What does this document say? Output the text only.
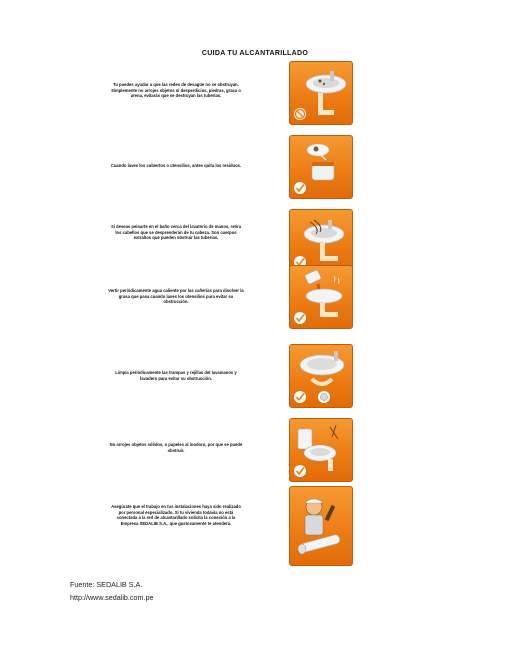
CUIDA TU ALCANTARILLADO
Tu puedes ayudar a que las redes de desagüe no se obstruyan. Simplemente no arrojes objetos ni desperdicios, piedras, grasa o arena, evitarás que se destruyan las tuberías.
Cuando laves los cubiertos o utensilios, antes quita los residuos.
Si deseas peinarte en el baño cerca del lavatorio de manos, retira los cabellos que se desprenderán de tu cabeza. Son cuerpos extraños que pueden obstruir las tuberías.
Vertir periódicamente agua caliente por las cañerías para disolver la grasa que pasa cuando laves los utensilios para evitar su obstrucción.
Limpia periódicamente las trampas y rejillas del lavamanos y lavadero para evitar su obstrucción.
No arrojes objetos sólidos, o papeles al inodoro, por que se puede obstruir.
Asegúrate que el trabajo en tus instalaciones haya sido realizado por personal especializado. Si tu vivienda todavía no está conectada a la red de alcantarillado solicita la conexión a la Empresa SEDALIB S.A., que gustosamente te atenderá.
Fuente: SEDALIB S.A.
http://www.sedalib.com.pe
